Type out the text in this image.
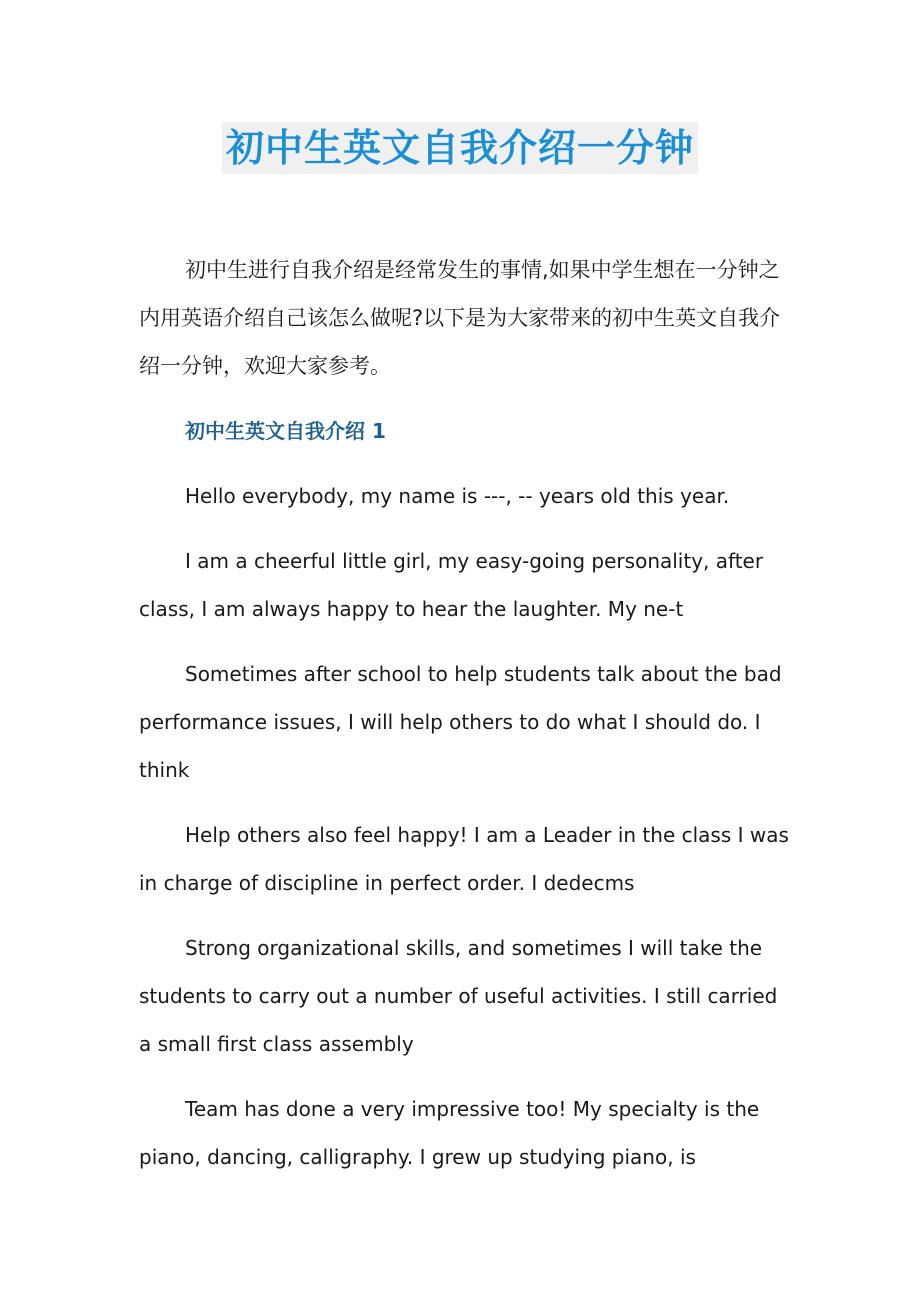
初中生英文自我介绍一分钟

初中生进行自我介绍是经常发生的事情,如果中学生想在一分钟之内用英语介绍自己该怎么做呢?以下是为大家带来的初中生英文自我介绍一分钟，欢迎大家参考。

初中生英文自我介绍 1

Hello everybody, my name is ---, -- years old this year.

I am a cheerful little girl, my easy-going personality, after class, I am always happy to hear the laughter. My ne-t

Sometimes after school to help students talk about the bad performance issues, I will help others to do what I should do. I think

Help others also feel happy! I am a Leader in the class I was in charge of discipline in perfect order. I dedecms

Strong organizational skills, and sometimes I will take the students to carry out a number of useful activities. I still carried a small first class assembly

Team has done a very impressive too! My specialty is the piano, dancing, calligraphy. I grew up studying piano, is
